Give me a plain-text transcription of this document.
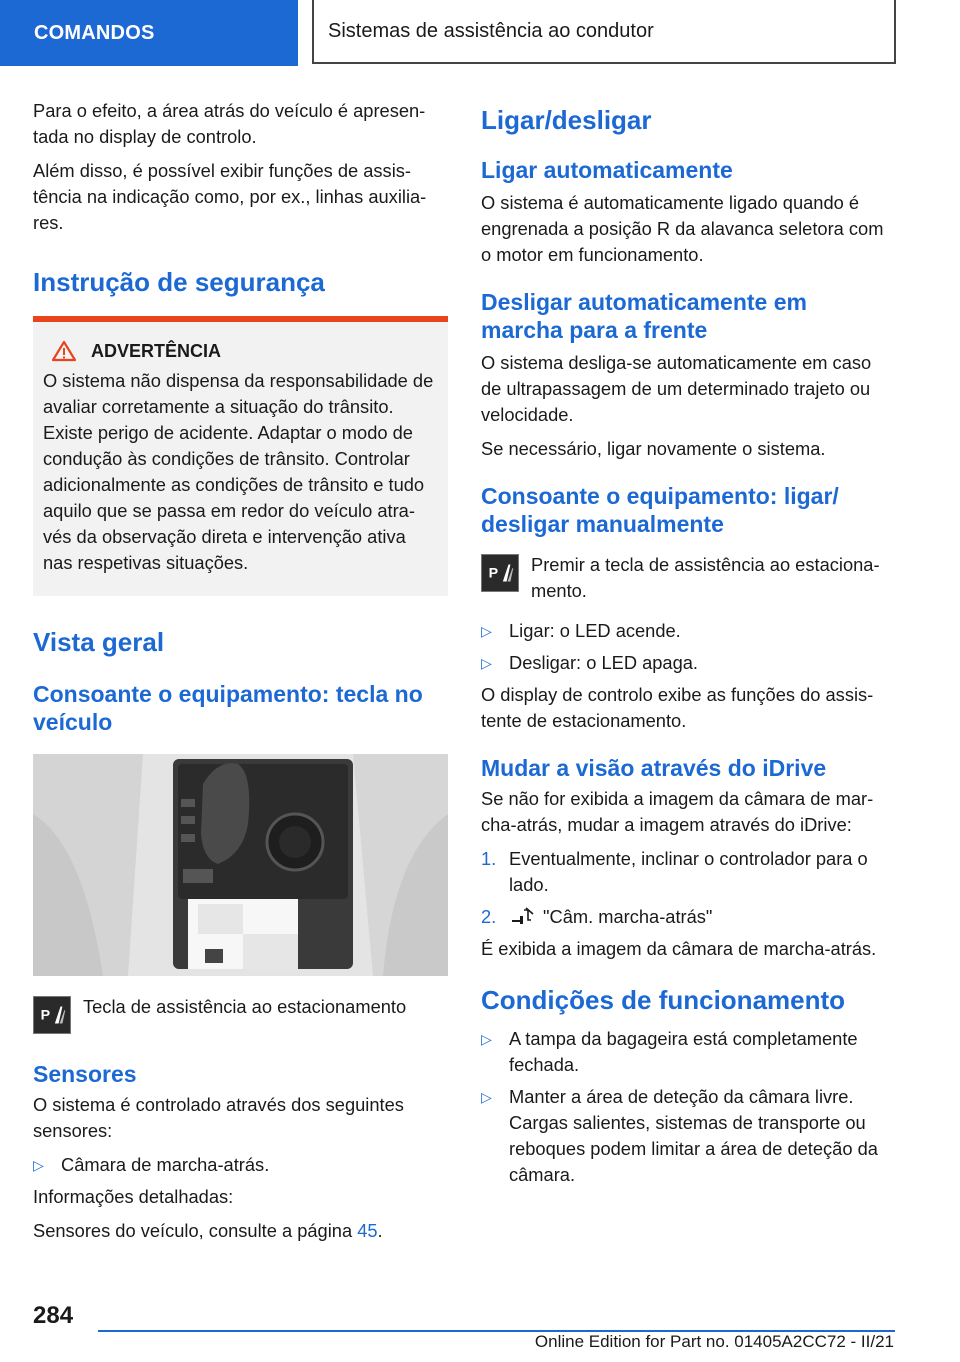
COMANDOS	Sistemas de assistência ao condutor

Para o efeito, a área atrás do veículo é apresen-tada no display de controlo.

Além disso, é possível exibir funções de assis-tência na indicação como, por ex., linhas auxilia-res.

Instrução de segurança
ADVERTÊNCIA

O sistema não dispensa da responsabilidade de avaliar corretamente a situação do trânsito. Existe perigo de acidente. Adaptar o modo de condução às condições de trânsito. Controlar adicionalmente as condições de trânsito e tudo aquilo que se passa em redor do veículo atra-vés da observação direta e intervenção ativa nas respetivas situações.

Vista geral
Consoante o equipamento: tecla no veículo
P Tecla de assistência ao estacionamento

Sensores

O sistema é controlado através dos seguintes sensores:

▷ Câmara de marcha-atrás.

Informações detalhadas:

Sensores do veículo, consulte a página 45.

Ligar/desligar
Ligar automaticamente

O sistema é automaticamente ligado quando é engrenada a posição R da alavanca seletora com o motor em funcionamento.

Desligar automaticamente em marcha para a frente

O sistema desliga-se automaticamente em caso de ultrapassagem de um determinado trajeto ou velocidade.

Se necessário, ligar novamente o sistema.

Consoante o equipamento: ligar/ desligar manualmente
P Premir a tecla de assistência ao estaciona-mento.

▷ Ligar: o LED acende.
▷ Desligar: o LED apaga.

O display de controlo exibe as funções do assis-tente de estacionamento.

Mudar a visão através do iDrive

Se não for exibida a imagem da câmara de mar-cha-atrás, mudar a imagem através do iDrive:

1. Eventualmente, inclinar o controlador para o lado.
2.	"Câm. marcha-atrás"

É exibida a imagem da câmara de marcha-atrás.

Condições de funcionamento
▷ A tampa da bagageira está completamente fechada.
▷ Manter a área de deteção da câmara livre. Cargas salientes, sistemas de transporte ou reboques podem limitar a área de deteção da câmara.
284
Online Edition for Part no. 01405A2CC72 - II/21
